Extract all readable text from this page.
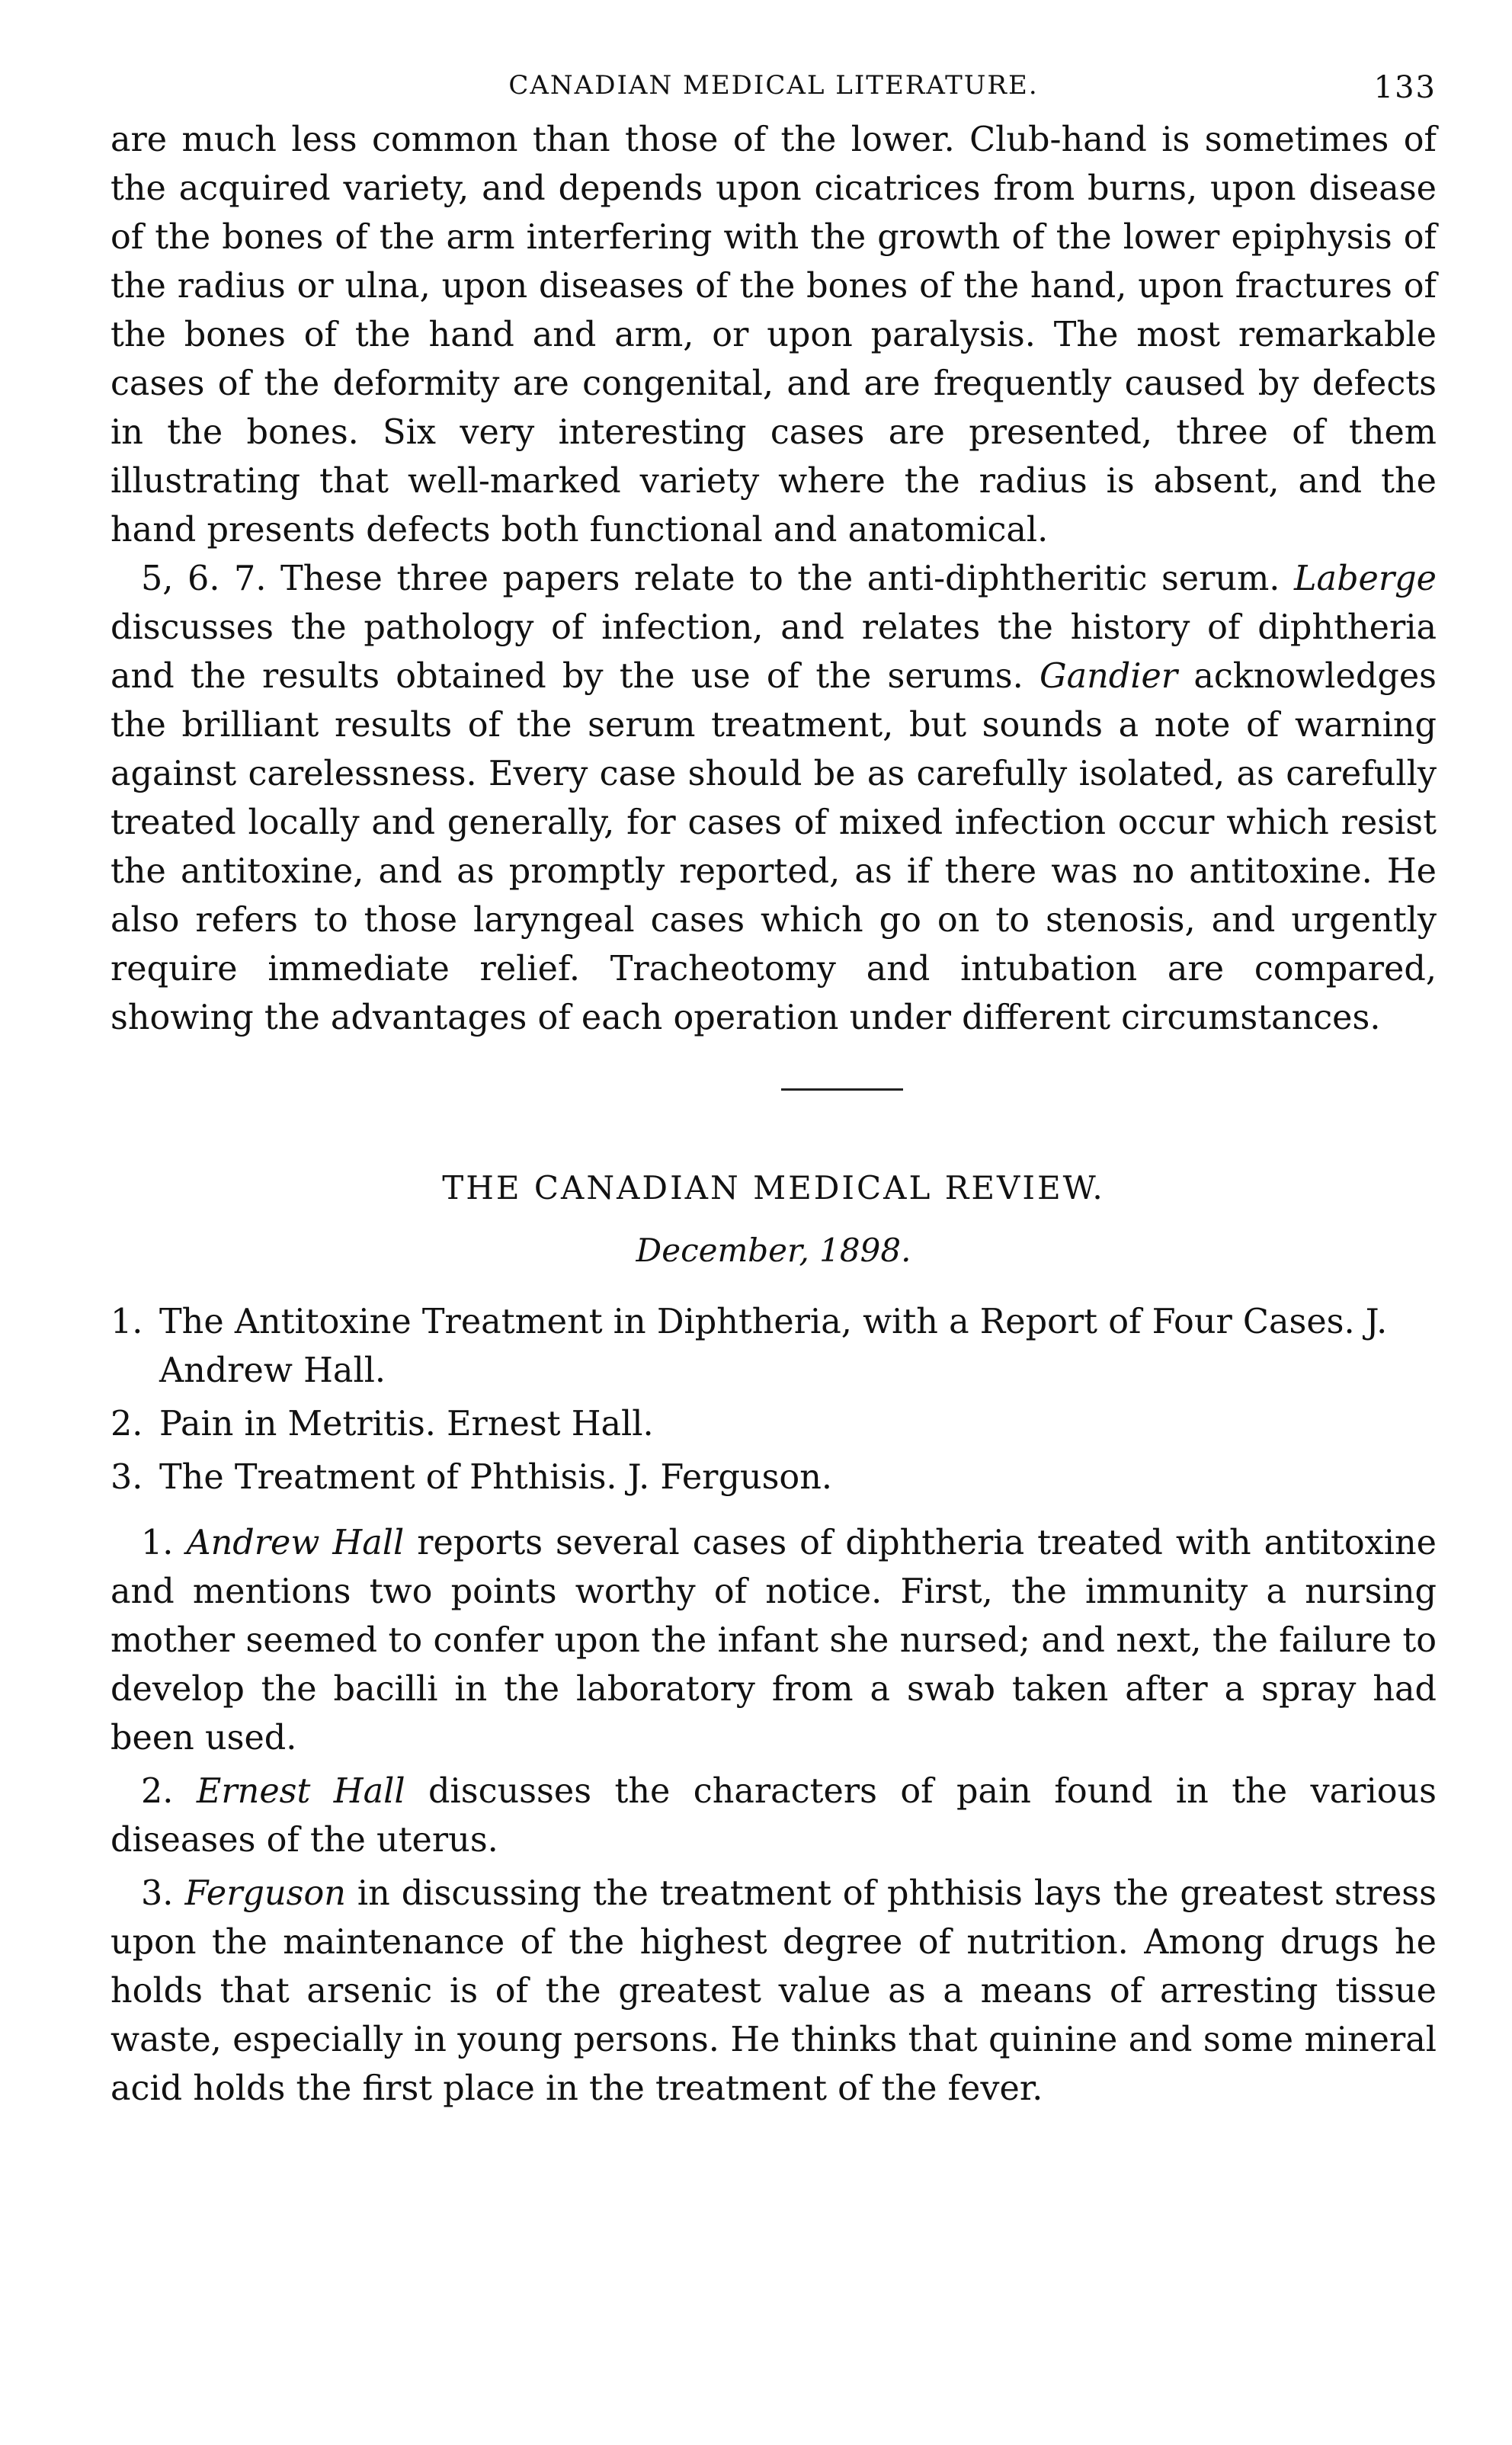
CANADIAN MEDICAL LITERATURE.	133

are much less common than those of the lower. Club-hand is sometimes of the acquired variety, and depends upon cicatrices from burns, upon disease of the bones of the arm interfering with the growth of the lower epiphysis of the radius or ulna, upon diseases of the bones of the hand, upon fractures of the bones of the hand and arm, or upon paralysis. The most remarkable cases of the deformity are congenital, and are frequently caused by defects in the bones. Six very interesting cases are presented, three of them illustrating that well-marked variety where the radius is absent, and the hand presents defects both functional and anatomical.

5, 6. 7. These three papers relate to the anti-diphtheritic serum. Laberge discusses the pathology of infection, and relates the history of diphtheria and the results obtained by the use of the serums. Gandier acknowledges the brilliant results of the serum treatment, but sounds a note of warning against carelessness. Every case should be as carefully isolated, as carefully treated locally and generally, for cases of mixed infection occur which resist the antitoxine, and as promptly reported, as if there was no antitoxine. He also refers to those laryngeal cases which go on to stenosis, and urgently require immediate relief. Tracheotomy and intubation are compared, showing the advantages of each operation under different circumstances.

THE CANADIAN MEDICAL REVIEW.
December, 1898.
1. The Antitoxine Treatment in Diphtheria, with a Report of Four Cases. J. Andrew Hall.
2. Pain in Metritis. Ernest Hall.
3. The Treatment of Phthisis. J. Ferguson.

1. Andrew Hall reports several cases of diphtheria treated with antitoxine and mentions two points worthy of notice. First, the immunity a nursing mother seemed to confer upon the infant she nursed; and next, the failure to develop the bacilli in the laboratory from a swab taken after a spray had been used.

2. Ernest Hall discusses the characters of pain found in the various diseases of the uterus.

3. Ferguson in discussing the treatment of phthisis lays the greatest stress upon the maintenance of the highest degree of nutrition. Among drugs he holds that arsenic is of the greatest value as a means of arresting tissue waste, especially in young persons. He thinks that quinine and some mineral acid holds the first place in the treatment of the fever.
